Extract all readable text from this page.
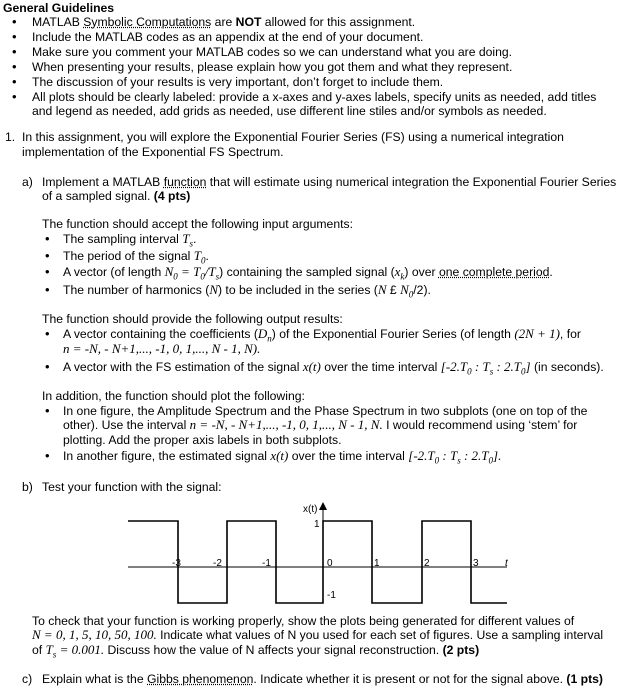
General Guidelines
• MATLAB Symbolic Computations are NOT allowed for this assignment.
• Include the MATLAB codes as an appendix at the end of your document.
• Make sure you comment your MATLAB codes so we can understand what you are doing.
• When presenting your results, please explain how you got them and what they represent.
• The discussion of your results is very important, don’t forget to include them.
• All plots should be clearly labeled: provide a x-axes and y-axes labels, specify units as needed, add titles
and legend as needed, add grids as needed, use different line stiles and/or symbols as needed.
1. In this assignment, you will explore the Exponential Fourier Series (FS) using a numerical integration
implementation of the Exponential FS Spectrum.
a) Implement a MATLAB function that will estimate using numerical integration the Exponential Fourier Series
of a sampled signal. (4 pts)
The function should accept the following input arguments:
• The sampling interval $T_s$.
• The period of the signal $T_0$.
• A vector (of length $N_0 = T_0/T_s$) containing the sampled signal $(x_k)$ over one complete period.
• The number of harmonics (N) to be included in the series (N £ $N_0/2$).
The function should provide the following output results:
• A vector containing the coefficients $(D_n)$ of the Exponential Fourier Series (of length (2N + 1), for
n = -N, - N+1,..., -1, 0, 1,..., N - 1, N).
• A vector with the FS estimation of the signal x(t) over the time interval [$-2.T_0$ : $T_s$ : $2.T_0$] (in seconds).
In addition, the function should plot the following:
• In one figure, the Amplitude Spectrum and the Phase Spectrum in two subplots (one on top of the
other). Use the interval n = -N, - N+1,..., -1, 0, 1,..., N - 1, N. I would recommend using ‘stem’ for
plotting. Add the proper axis labels in both subplots.
• In another figure, the estimated signal x(t) over the time interval [$-2.T_0$ : $T_s$ : $2.T_0$].
b) Test your function with the signal:
x(t)
1
-1
-3	-2	-1	0	1	2	3	t
To check that your function is working properly, show the plots being generated for different values of
N = 0, 1, 5, 10, 50, 100. Indicate what values of N you used for each set of figures. Use a sampling interval
of $T_s = 0.001$. Discuss how the value of N affects your signal reconstruction. (2 pts)
c) Explain what is the Gibbs phenomenon. Indicate whether it is present or not for the signal above. (1 pts)
